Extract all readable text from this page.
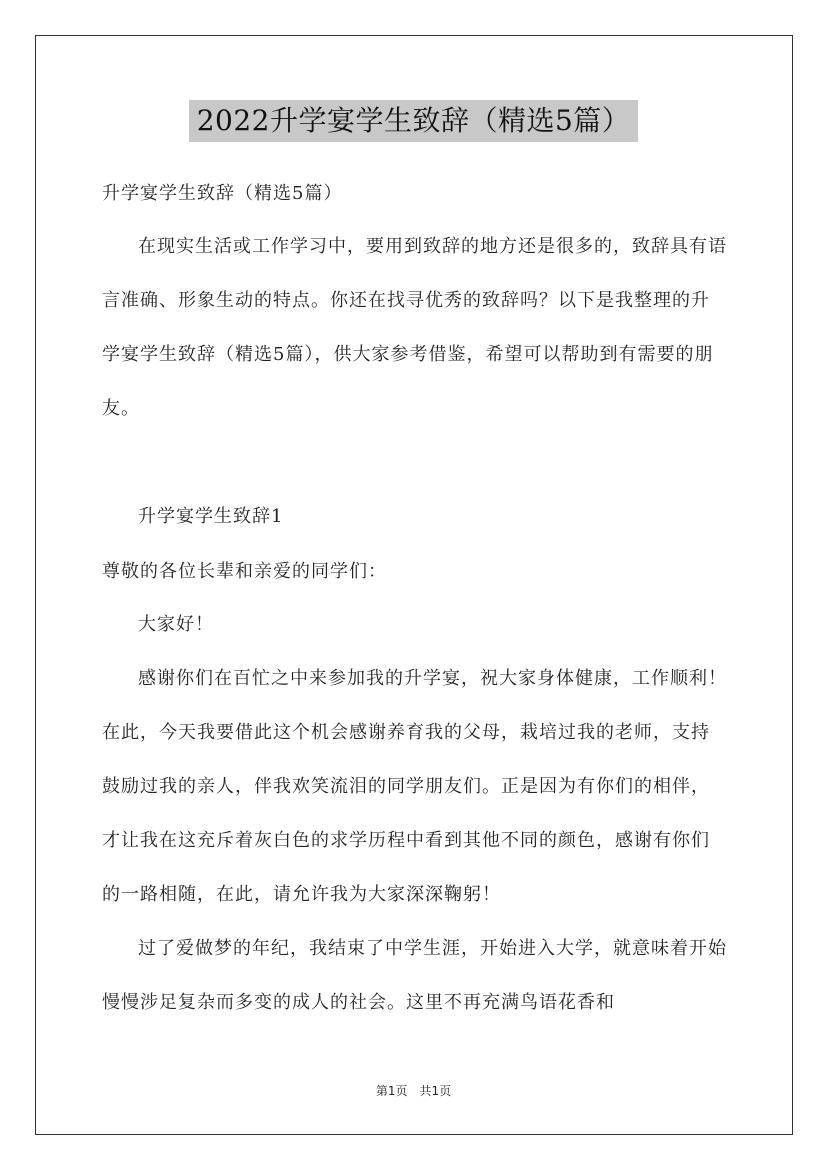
2022升学宴学生致辞（精选5篇）

升学宴学生致辞（精选5篇）

在现实生活或工作学习中，要用到致辞的地方还是很多的，致辞具有语言准确、形象生动的特点。你还在找寻优秀的致辞吗？以下是我整理的升学宴学生致辞（精选5篇），供大家参考借鉴，希望可以帮助到有需要的朋友。

升学宴学生致辞1

尊敬的各位长辈和亲爱的同学们：

大家好！

感谢你们在百忙之中来参加我的升学宴，祝大家身体健康，工作顺利！在此，今天我要借此这个机会感谢养育我的父母，栽培过我的老师，支持鼓励过我的亲人，伴我欢笑流泪的同学朋友们。正是因为有你们的相伴，才让我在这充斥着灰白色的求学历程中看到其他不同的颜色，感谢有你们的一路相随，在此，请允许我为大家深深鞠躬！

过了爱做梦的年纪，我结束了中学生涯，开始进入大学，就意味着开始慢慢涉足复杂而多变的成人的社会。这里不再充满鸟语花香和

第1页　共1页
